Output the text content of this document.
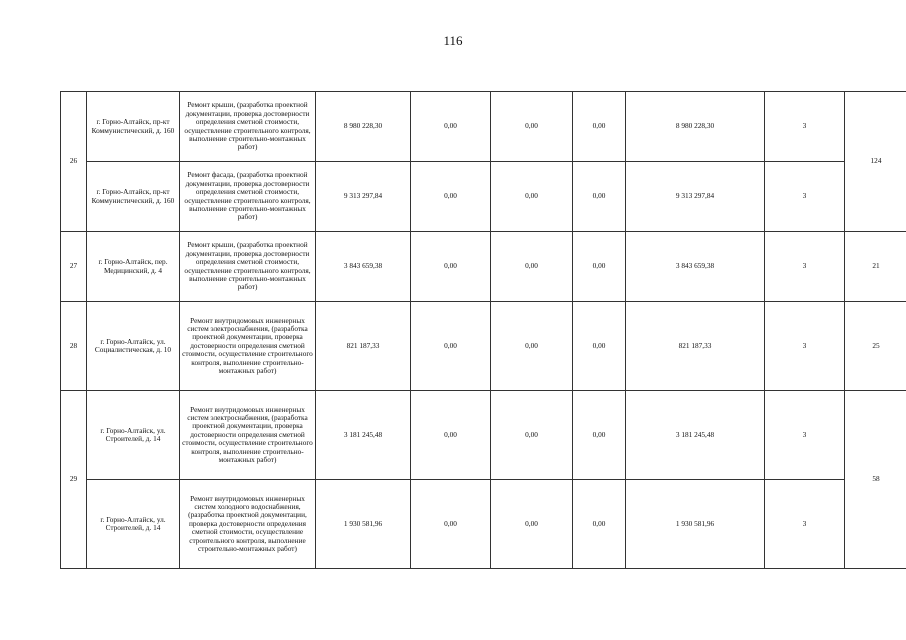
116
26	г. Горно-Алтайск, пр-кт Коммунистический, д. 160	Ремонт крыши, (разработка проектной документации, проверка достоверности определения сметной стоимости, осуществление строительного контроля, выполнение строительно-монтажных работ)	8 980 228,30	0,00	0,00	0,00	8 980 228,30	3	124
	г. Горно-Алтайск, пр-кт Коммунистический, д. 160	Ремонт фасада, (разработка проектной документации, проверка достоверности определения сметной стоимости, осуществление строительного контроля, выполнение строительно-монтажных работ)	9 313 297,84	0,00	0,00	0,00	9 313 297,84	3	
27	г. Горно-Алтайск, пер. Медицинский, д. 4	Ремонт крыши, (разработка проектной документации, проверка достоверности определения сметной стоимости, осуществление строительного контроля, выполнение строительно-монтажных работ)	3 843 659,38	0,00	0,00	0,00	3 843 659,38	3	21
28	г. Горно-Алтайск, ул. Социалистическая, д. 10	Ремонт внутридомовых инженерных систем электроснабжения, (разработка проектной документации, проверка достоверности определения сметной стоимости, осуществление строительного контроля, выполнение строительно-монтажных работ)	821 187,33	0,00	0,00	0,00	821 187,33	3	25
29	г. Горно-Алтайск, ул. Строителей, д. 14	Ремонт внутридомовых инженерных систем электроснабжения, (разработка проектной документации, проверка достоверности определения сметной стоимости, осуществление строительного контроля, выполнение строительно-монтажных работ)	3 181 245,48	0,00	0,00	0,00	3 181 245,48	3	58
	г. Горно-Алтайск, ул. Строителей, д. 14	Ремонт внутридомовых инженерных систем холодного водоснабжения, (разработка проектной документации, проверка достоверности определения сметной стоимости, осуществление строительного контроля, выполнение строительно-монтажных работ)	1 930 581,96	0,00	0,00	0,00	1 930 581,96	3	
